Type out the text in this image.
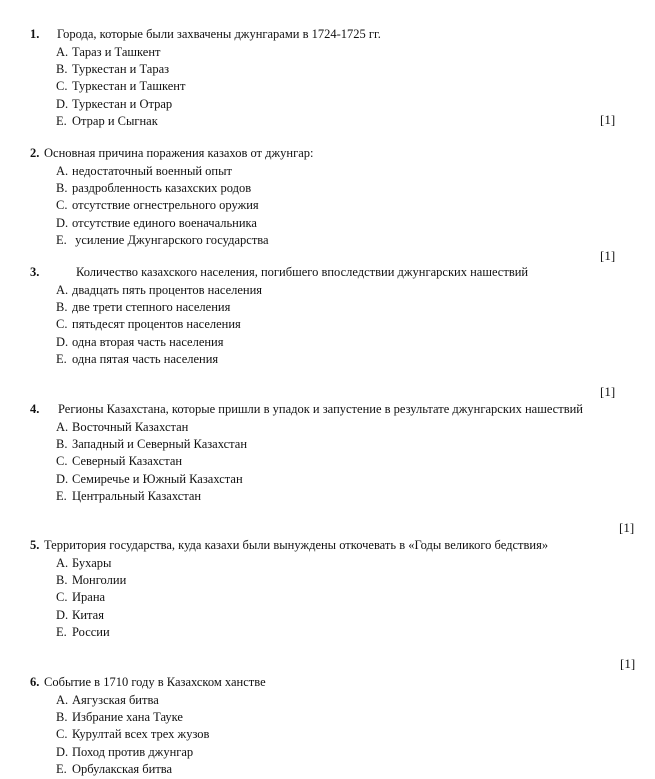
1. Города, которые были захвачены джунгарами в 1724-1725 гг.
A. Тараз и Ташкент
B. Туркестан и Тараз
C. Туркестан и Ташкент
D. Туркестан и Отрар
E. Отрар и Сыгнак	[1]
2. Основная причина поражения казахов от джунгар:
A. недостаточный военный опыт
B. раздробленность казахских родов
C. отсутствие огнестрельного оружия
D. отсутствие единого военачальника
E. усиление Джунгарского государства
[1]
3.	Количество казахского населения, погибшего впоследствии джунгарских нашествий
A. двадцать пять процентов населения
B. две трети степного населения
C. пятьдесят процентов населения
D. одна вторая часть населения
E. одна пятая часть населения
[1]
4. Регионы Казахстана, которые пришли в упадок и запустение в результате джунгарских нашествий
A. Восточный Казахстан
B. Западный и Северный Казахстан
C. Северный Казахстан
D. Семиречье и Южный Казахстан
E. Центральный Казахстан
[1]
5. Территория государства, куда казахи были вынуждены откочевать в «Годы великого бедствия»
A. Бухары
B. Монголии
C. Ирана
D. Китая
E. России
[1]
6. Событие в 1710 году в Казахском ханстве
A. Аягузская битва
B. Избрание хана Тауке
C. Курултай всех трех жузов
D. Поход против джунгар
E. Орбулакская битва
